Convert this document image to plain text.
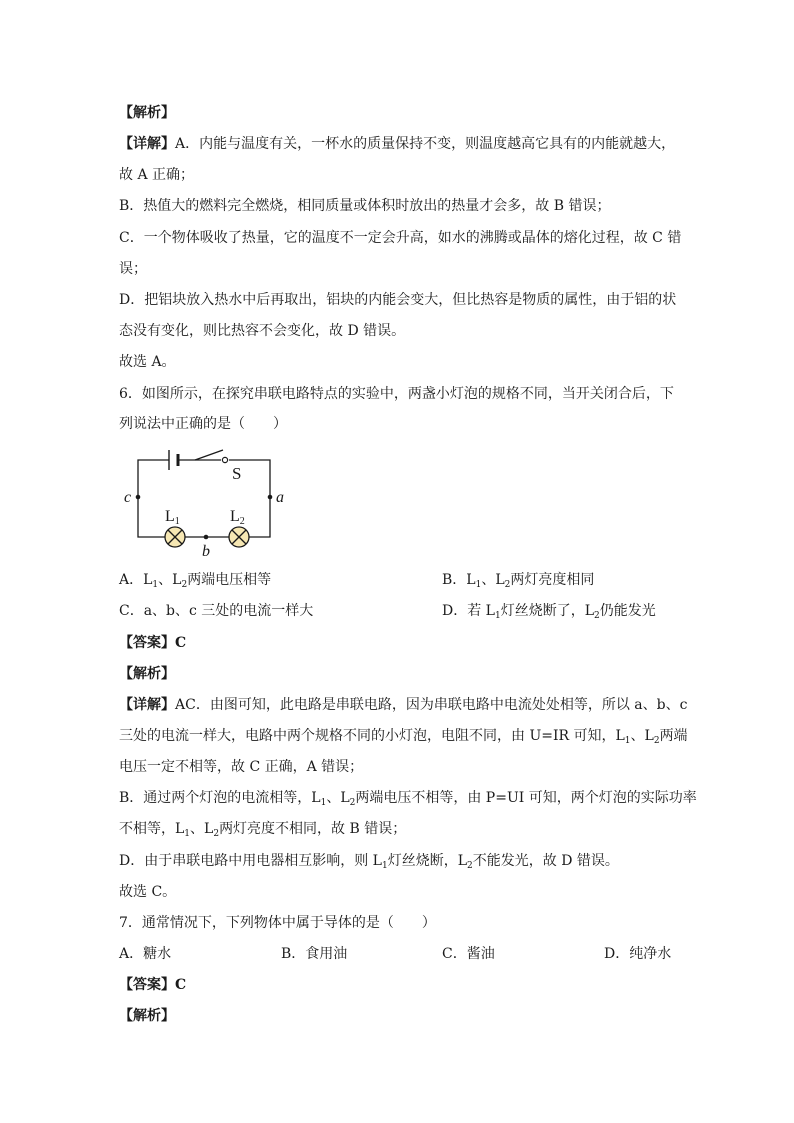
【解析】
【详解】A．内能与温度有关，一杯水的质量保持不变，则温度越高它具有的内能就越大，
故 A 正确；
B．热值大的燃料完全燃烧，相同质量或体积时放出的热量才会多，故 B 错误；
C．一个物体吸收了热量，它的温度不一定会升高，如水的沸腾或晶体的熔化过程，故 C 错
误；
D．把铝块放入热水中后再取出，铝块的内能会变大，但比热容是物质的属性，由于铝的状
态没有变化，则比热容不会变化，故 D 错误。
故选 A。
6．如图所示，在探究串联电路特点的实验中，两盏小灯泡的规格不同，当开关闭合后，下
列说法中正确的是（　　）
S
c	a
b
L1	L2
A．$L_1$、$L_2$两端电压相等	B．$L_1$、$L_2$两灯亮度相同
C．a、b、c 三处的电流一样大	D．若 $L_1$灯丝烧断了，$L_2$仍能发光
【答案】C
【解析】
【详解】AC．由图可知，此电路是串联电路，因为串联电路中电流处处相等，所以 a、b、c
三处的电流一样大，电路中两个规格不同的小灯泡，电阻不同，由 U=IR 可知，$L_1$、$L_2$两端
电压一定不相等，故 C 正确，A 错误；
B．通过两个灯泡的电流相等，$L_1$、$L_2$两端电压不相等，由 P=UI 可知，两个灯泡的实际功率
不相等，$L_1$、$L_2$两灯亮度不相同，故 B 错误；
D．由于串联电路中用电器相互影响，则 $L_1$灯丝烧断，$L_2$不能发光，故 D 错误。
故选 C。
7．通常情况下，下列物体中属于导体的是（　　）
A．糖水	B．食用油	C．酱油	D．纯净水
【答案】C
【解析】
